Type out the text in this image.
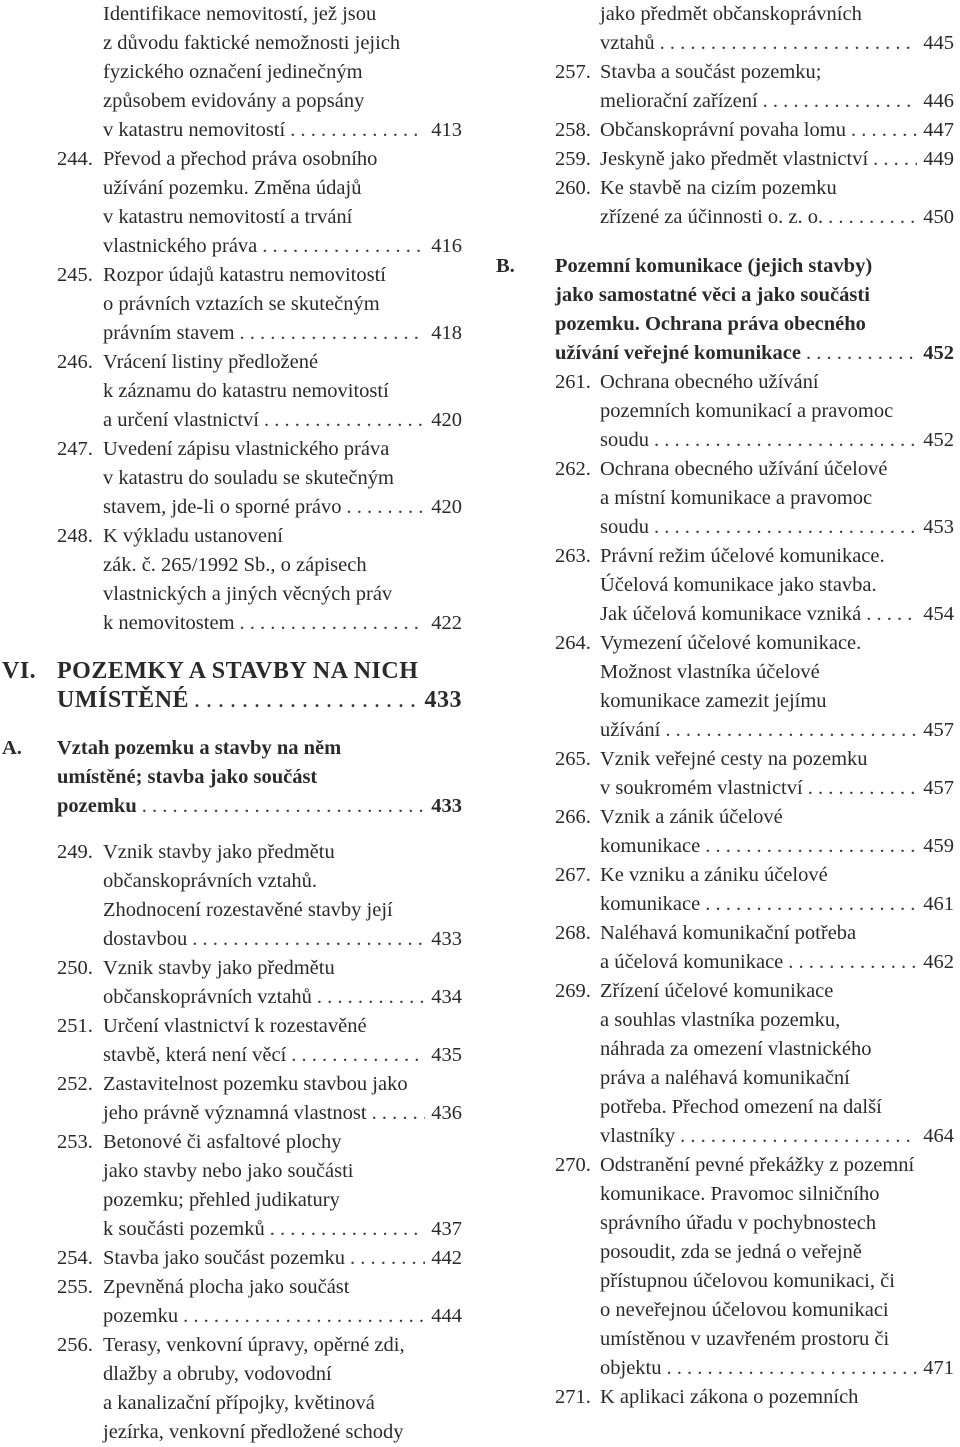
Identifikace nemovitostí, jež jsou
z důvodu faktické nemožnosti jejich
fyzického označení jedinečným
způsobem evidovány a popsány
v katastru nemovitostí . . .	413
244. Převod a přechod práva osobního
užívání pozemku. Změna údajů
v katastru nemovitostí a trvání
vlastnického práva . . .	416
245. Rozpor údajů katastru nemovitostí
o právních vztazích se skutečným
právním stavem . . .	418
246. Vrácení listiny předložené
k záznamu do katastru nemovitostí
a určení vlastnictví . . .	420
247. Uvedení zápisu vlastnického práva
v katastru do souladu se skutečným
stavem, jde-li o sporné právo . . .	420
248. K výkladu ustanovení
zák. č. 265/1992 Sb., o zápisech
vlastnických a jiných věcných práv
k nemovitostem . . .	422
VI. POZEMKY A STAVBY NA NICH
UMÍSTĚNÉ . . .	433
A. Vztah pozemku a stavby na něm
umístěné; stavba jako součást
pozemku . . .	433
249. Vznik stavby jako předmětu
občanskoprávních vztahů.
Zhodnocení rozestavěné stavby její
dostavbou . . .	433
250. Vznik stavby jako předmětu
občanskoprávních vztahů . . .	434
251. Určení vlastnictví k rozestavěné
stavbě, která není věcí . . .	435
252. Zastavitelnost pozemku stavbou jako
jeho právně významná vlastnost . . .	436
253. Betonové či asfaltové plochy
jako stavby nebo jako součásti
pozemku; přehled judikatury
k součásti pozemků . . .	437
254. Stavba jako součást pozemku . . .	442
255. Zpevněná plocha jako součást
pozemku . . .	444
256. Terasy, venkovní úpravy, opěrné zdi,
dlažby a obruby, vodovodní
a kanalizační přípojky, květinová
jezírka, venkovní předložené schody
jako předmět občanskoprávních
vztahů . . .	445
257. Stavba a součást pozemku;
meliorační zařízení . . .	446
258. Občanskoprávní povaha lomu . . .	447
259. Jeskyně jako předmět vlastnictví . . .	449
260. Ke stavbě na cizím pozemku
zřízené za účinnosti o. z. o. . . .	450
B. Pozemní komunikace (jejich stavby)
jako samostatné věci a jako součásti
pozemku. Ochrana práva obecného
užívání veřejné komunikace . . .	452
261. Ochrana obecného užívání
pozemních komunikací a pravomoc
soudu . . .	452
262. Ochrana obecného užívání účelové
a místní komunikace a pravomoc
soudu . . .	453
263. Právní režim účelové komunikace.
Účelová komunikace jako stavba.
Jak účelová komunikace vzniká . . .	454
264. Vymezení účelové komunikace.
Možnost vlastníka účelové
komunikace zamezit jejímu
užívání . . .	457
265. Vznik veřejné cesty na pozemku
v soukromém vlastnictví . . .	457
266. Vznik a zánik účelové
komunikace . . .	459
267. Ke vzniku a zániku účelové
komunikace . . .	461
268. Naléhavá komunikační potřeba
a účelová komunikace . . .	462
269. Zřízení účelové komunikace
a souhlas vlastníka pozemku,
náhrada za omezení vlastnického
práva a naléhavá komunikační
potřeba. Přechod omezení na další
vlastníky . . .	464
270. Odstranění pevné překážky z pozemní
komunikace. Pravomoc silničního
správního úřadu v pochybnostech
posoudit, zda se jedná o veřejně
přístupnou účelovou komunikaci, či
o neveřejnou účelovou komunikaci
umístěnou v uzavřeném prostoru či
objektu . . .	471
271. K aplikaci zákona o pozemních
